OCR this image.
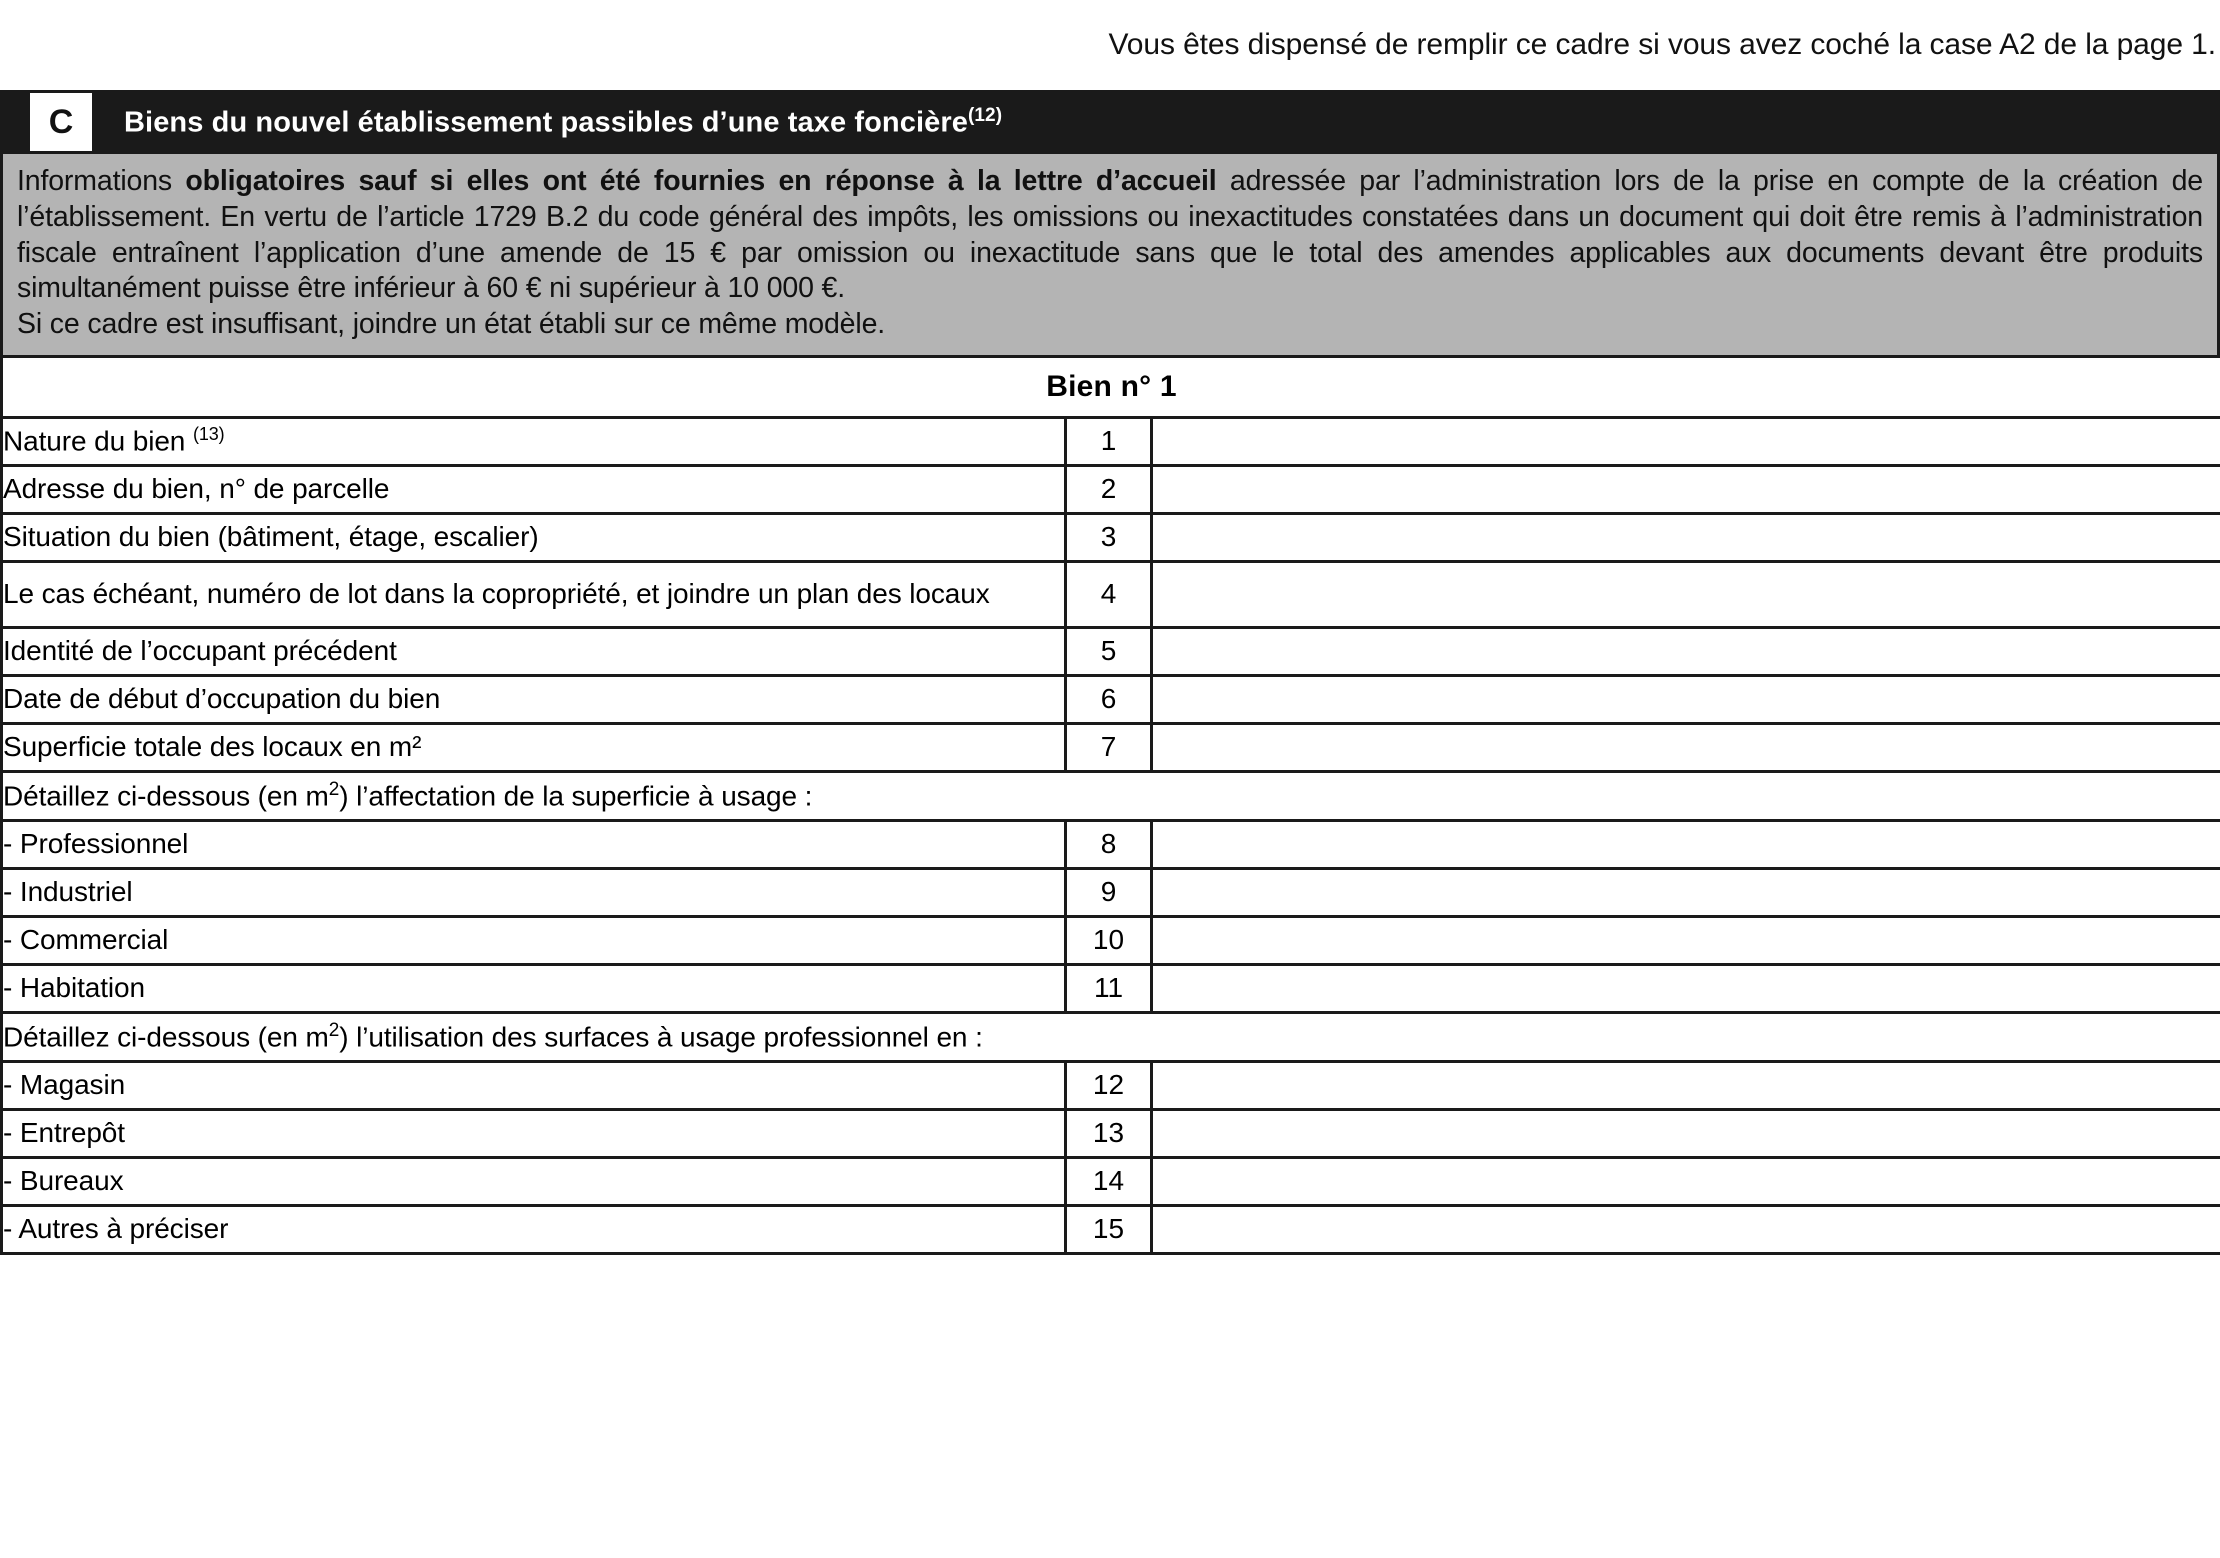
Vous êtes dispensé de remplir ce cadre si vous avez coché la case A2 de la page 1.
C	Biens du nouvel établissement passibles d’une taxe foncière$^{(12)}$
Informations obligatoires sauf si elles ont été fournies en réponse à la lettre d’accueil adressée par l’administration lors de la prise en compte de la création de l’établissement. En vertu de l’article 1729 B.2 du code général des impôts, les omissions ou inexactitudes constatées dans un document qui doit être remis à l’administration fiscale entraînent l’application d’une amende de 15 € par omission ou inexactitude sans que le total des amendes applicables aux documents devant être produits simultanément puisse être inférieur à 60 € ni supérieur à 10 000 €.
Si ce cadre est insuffisant, joindre un état établi sur ce même modèle.
Bien n° 1		
Nature du bien $^{(13)}$	1	
Adresse du bien, n° de parcelle	2	
Situation du bien (bâtiment, étage, escalier)	3	
Le cas échéant, numéro de lot dans la copropriété, et joindre un plan des locaux	4	
Identité de l’occupant précédent	5	
Date de début d’occupation du bien	6	
Superficie totale des locaux en m²	7	
Détaillez ci-dessous (en $m^2$) l’affectation de la superficie à usage :		
- Professionnel	8	
- Industriel	9	
- Commercial	10	
- Habitation	11	
Détaillez ci-dessous (en $m^2$) l’utilisation des surfaces à usage professionnel en :		
- Magasin	12	
- Entrepôt	13	
- Bureaux	14	
- Autres à préciser	15	
